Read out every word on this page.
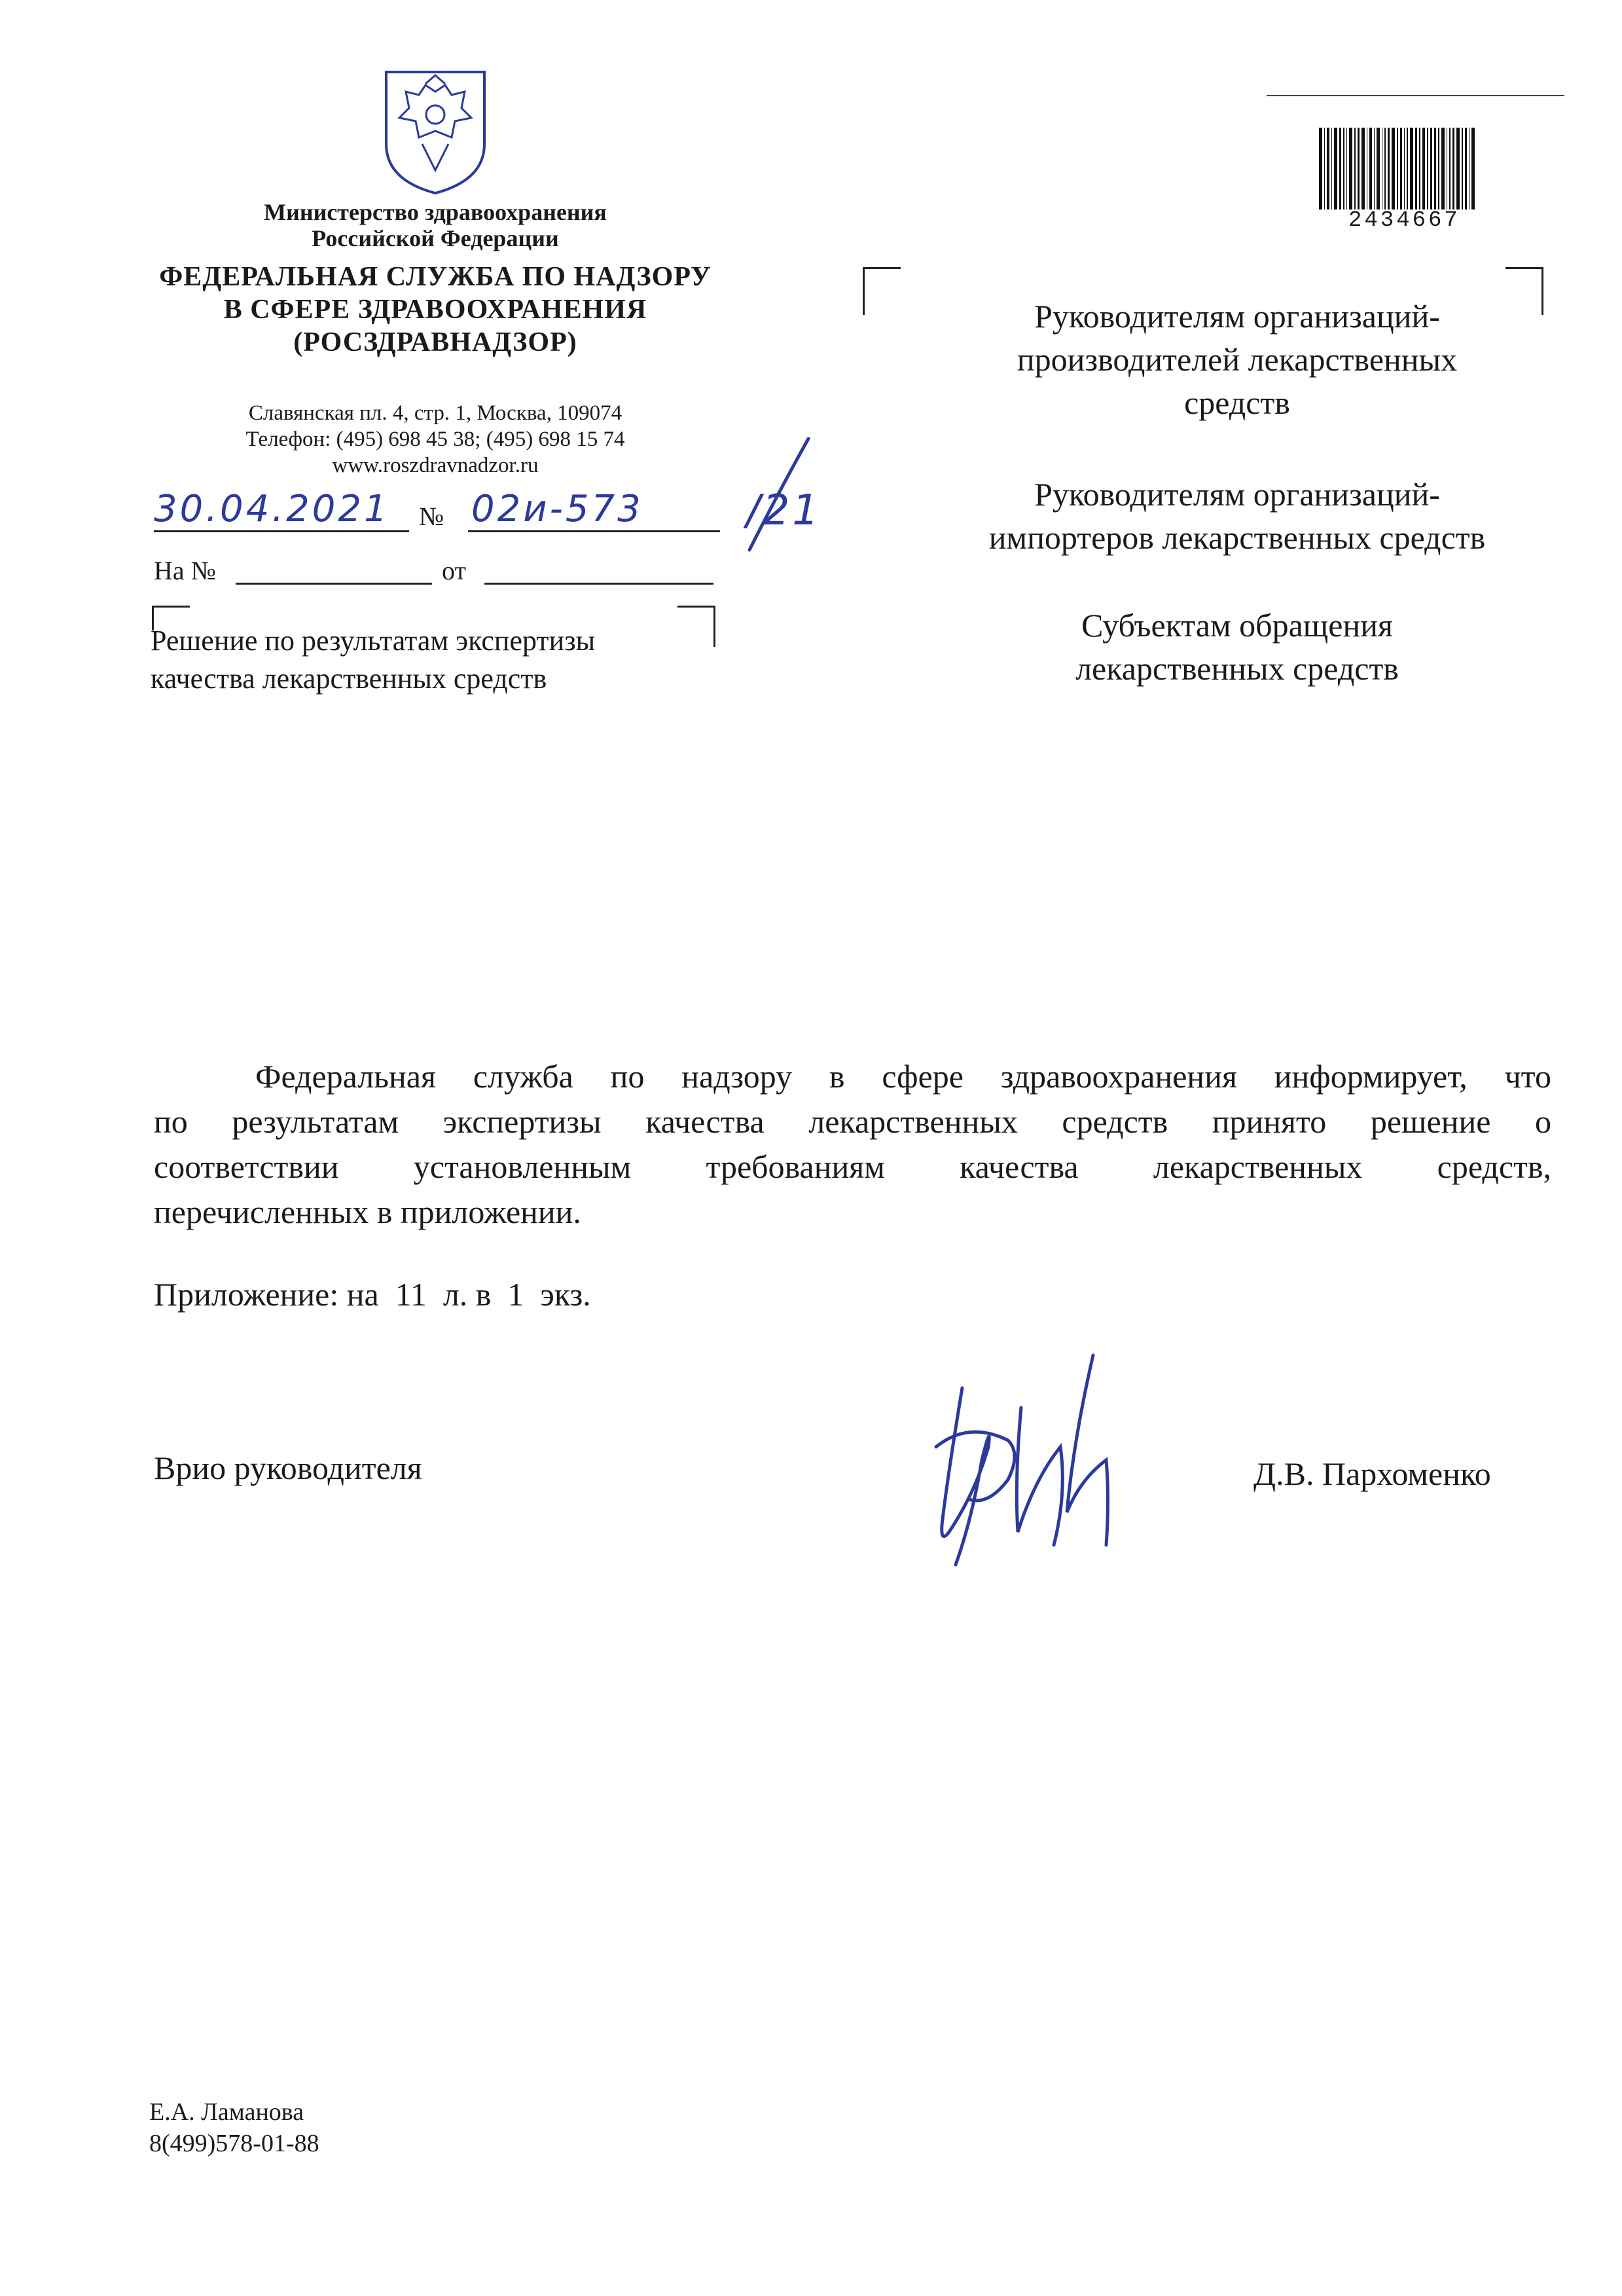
Министерство здравоохранения
Российской Федерации
ФЕДЕРАЛЬНАЯ СЛУЖБА ПО НАДЗОРУ
В СФЕРЕ ЗДРАВООХРАНЕНИЯ
(РОСЗДРАВНАДЗОР)
Славянская пл. 4, стр. 1, Москва, 109074
Телефон: (495) 698 45 38; (495) 698 15 74
www.roszdravnadzor.ru
30.04.2021 № 02и-573 /21
На №	от
Решение по результатам экспертизы
качества лекарственных средств
2434667
Руководителям организаций-
производителей лекарственных
средств
Руководителям организаций-
импортеров лекарственных средств
Субъектам обращения
лекарственных средств
Федеральная служба по надзору в сфере здравоохранения информирует, что
по результатам экспертизы качества лекарственных средств принято решение о
соответствии установленным требованиям качества лекарственных средств,
перечисленных в приложении.
Приложение: на  11  л. в  1  экз.
Врио руководителя	Д.В. Пархоменко
Е.А. Ламанова
8(499)578-01-88
